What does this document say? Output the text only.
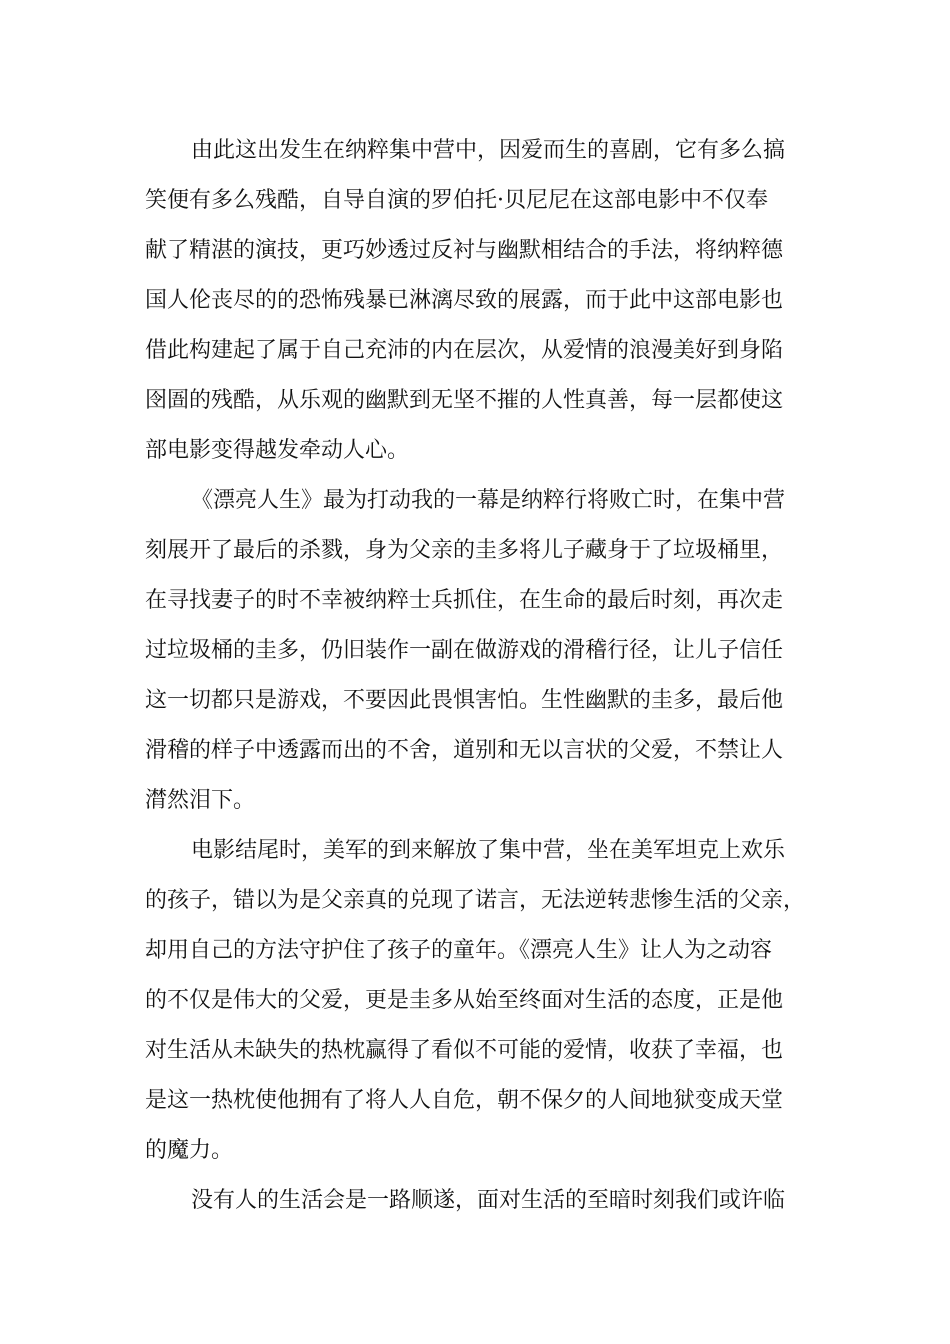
由此这出发生在纳粹集中营中，因爱而生的喜剧，它有多么搞

笑便有多么残酷，自导自演的罗伯托·贝尼尼在这部电影中不仅奉

献了精湛的演技，更巧妙透过反衬与幽默相结合的手法，将纳粹德

国人伦丧尽的的恐怖残暴已淋漓尽致的展露，而于此中这部电影也

借此构建起了属于自己充沛的内在层次，从爱情的浪漫美好到身陷

囹圄的残酷，从乐观的幽默到无坚不摧的人性真善，每一层都使这

部电影变得越发牵动人心。

《漂亮人生》最为打动我的一幕是纳粹行将败亡时，在集中营

刻展开了最后的杀戮，身为父亲的圭多将儿子藏身于了垃圾桶里，

在寻找妻子的时不幸被纳粹士兵抓住，在生命的最后时刻，再次走

过垃圾桶的圭多，仍旧装作一副在做游戏的滑稽行径，让儿子信任

这一切都只是游戏，不要因此畏惧害怕。生性幽默的圭多，最后他

滑稽的样子中透露而出的不舍，道别和无以言状的父爱，不禁让人

潸然泪下。

电影结尾时，美军的到来解放了集中营，坐在美军坦克上欢乐

的孩子，错以为是父亲真的兑现了诺言，无法逆转悲惨生活的父亲，

却用自己的方法守护住了孩子的童年。《漂亮人生》让人为之动容

的不仅是伟大的父爱，更是圭多从始至终面对生活的态度，正是他

对生活从未缺失的热枕赢得了看似不可能的爱情，收获了幸福，也

是这一热枕使他拥有了将人人自危，朝不保夕的人间地狱变成天堂

的魔力。

没有人的生活会是一路顺遂，面对生活的至暗时刻我们或许临
